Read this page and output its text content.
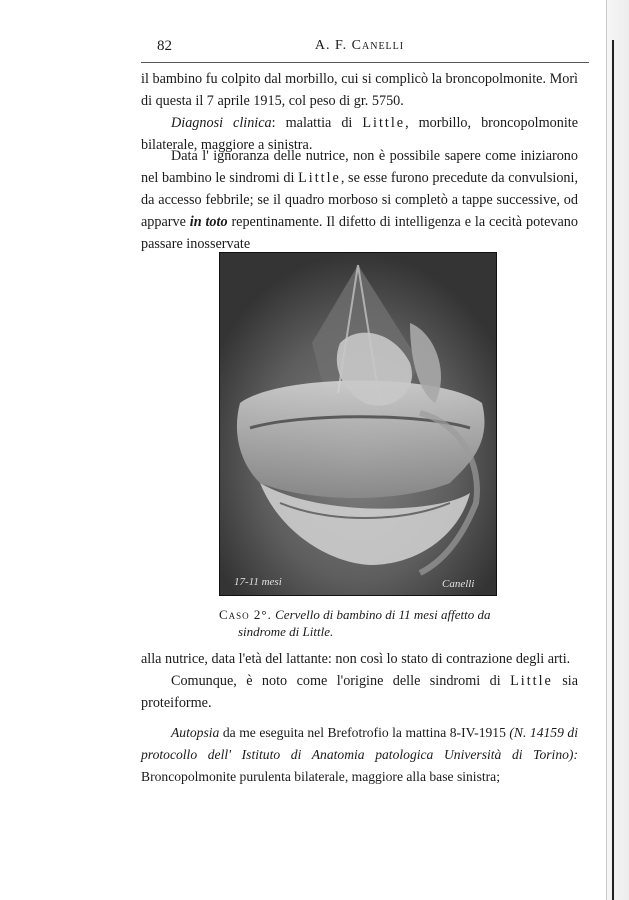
82	A. F. Canelli

il bambino fu colpito dal morbillo, cui si complicò la broncopolmonite. Morì di questa il 7 aprile 1915, col peso di gr. 5750.

Diagnosi clinica: malattia di Little, morbillo, broncopolmonite bilaterale, maggiore a sinistra.

Data l' ignoranza delle nutrice, non è possibile sapere come iniziarono nel bambino le sindromi di Little, se esse furono precedute da convulsioni, da accesso febbrile; se il quadro morboso si completò a tappe successive, od apparve in toto repentinamente. Il difetto di intelligenza e la cecità potevano passare inosservate

17-11 mesi	Canelli
Caso 2°. Cervello di bambino di 11 mesi affetto da
sindrome di Little.

alla nutrice, data l'età del lattante: non così lo stato di contrazione degli arti.

Comunque, è noto come l'origine delle sindromi di Little sia proteiforme.

Autopsia da me eseguita nel Brefotrofio la mattina 8-IV-1915 (N. 14159 di protocollo dell' Istituto di Anatomia patologica Università di Torino): Broncopolmonite purulenta bilaterale, maggiore alla base sinistra;
